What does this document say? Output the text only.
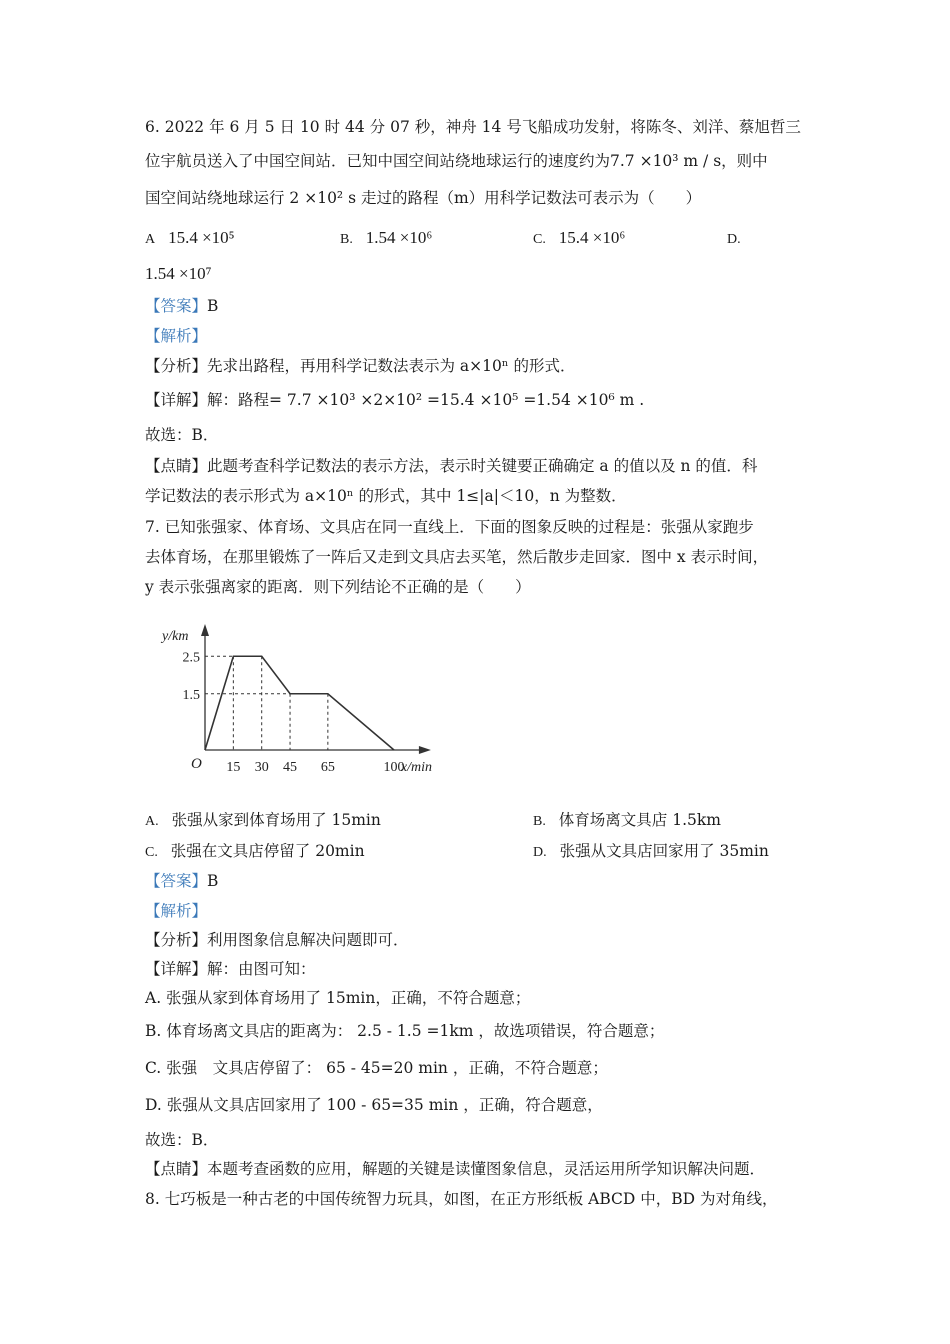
6. 2022 年 6 月 5 日 10 时 44 分 07 秒，神舟 14 号飞船成功发射，将陈冬、刘洋、蔡旭哲三
位宇航员送入了中国空间站．已知中国空间站绕地球运行的速度约为7.7 ×10³ m / s，则中
国空间站绕地球运行 2 ×10² s 走过的路程（m）用科学记数法可表示为（　　）
A 15.4 ×10⁵	B. 1.54 ×10⁶	C. 15.4 ×10⁶	D.
1.54 ×10⁷
【答案】B
【解析】
【分析】先求出路程，再用科学记数法表示为 a×10ⁿ 的形式．
【详解】解：路程= 7.7 ×10³ ×2×10² =15.4 ×10⁵ =1.54 ×10⁶ m .
故选：B．
【点睛】此题考查科学记数法的表示方法，表示时关键要正确确定 a 的值以及 n 的值．科
学记数法的表示形式为 a×10ⁿ 的形式，其中 1≤|a|＜10，n 为整数．
7. 已知张强家、体育场、文具店在同一直线上．下面的图象反映的过程是：张强从家跑步
去体育场，在那里锻炼了一阵后又走到文具店去买笔，然后散步走回家．图中 x 表示时间，
y 表示张强离家的距离．则下列结论不正确的是（　　）
15 30 45 65	100
2.5
1.5
O	x/min
y/km
A. 张强从家到体育场用了 15min	B. 体育场离文具店 1.5km
C. 张强在文具店停留了 20min	D. 张强从文具店回家用了 35min
【答案】B
【解析】
【分析】利用图象信息解决问题即可．
【详解】解：由图可知：
A. 张强从家到体育场用了 15min，正确，不符合题意；
B. 体育场离文具店的距离为： 2.5 - 1.5 =1km ，故选项错误，符合题意；
C. 张强　文具店停留了： 65 - 45=20 min ，正确，不符合题意；
D. 张强从文具店回家用了 100 - 65=35 min ，正确，符合题意，
故选：B．
【点睛】本题考查函数的应用，解题的关键是读懂图象信息，灵活运用所学知识解决问题．
8. 七巧板是一种古老的中国传统智力玩具，如图，在正方形纸板 ABCD 中，BD 为对角线，
